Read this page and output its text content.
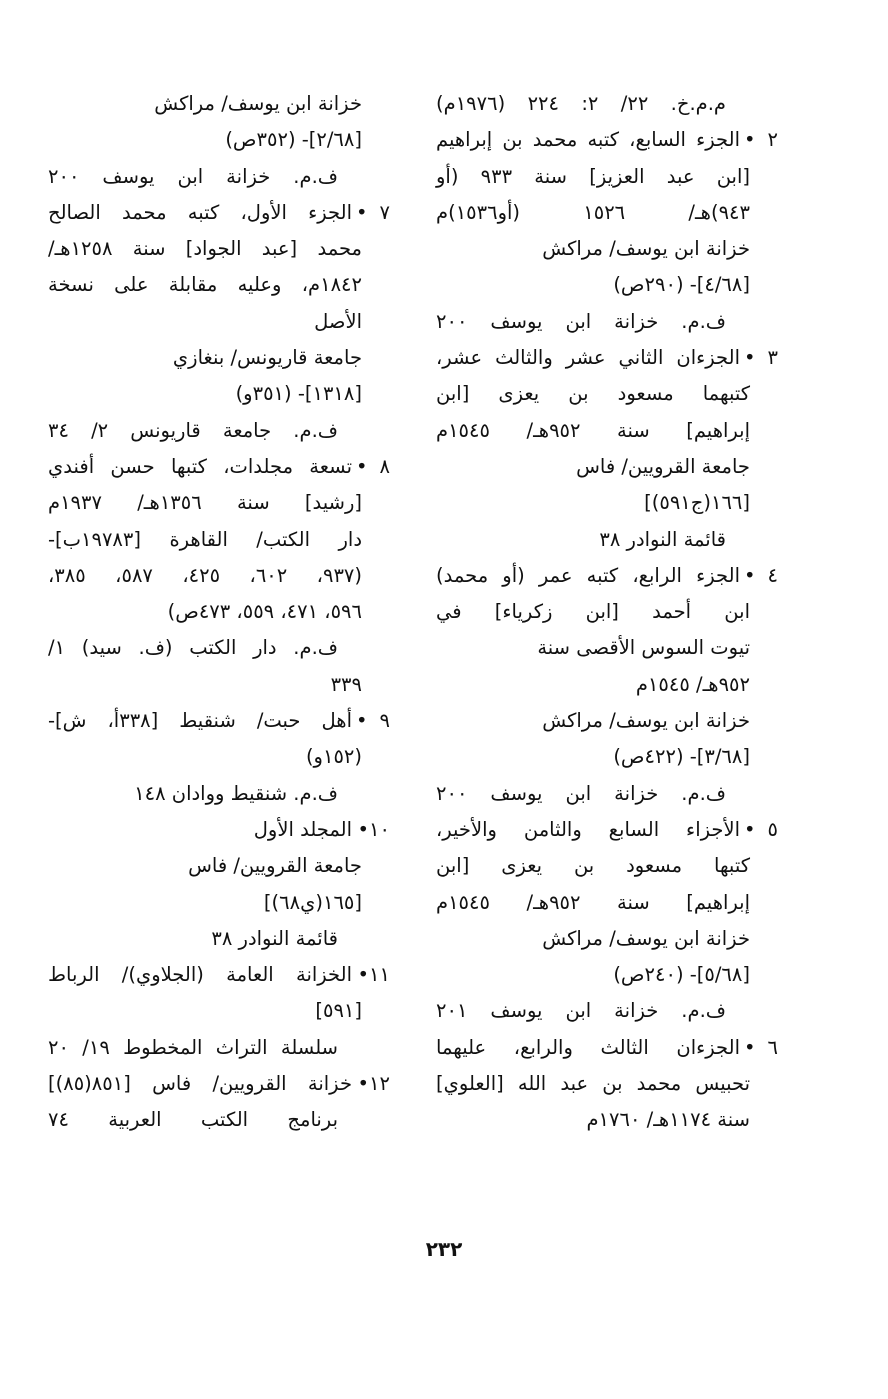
م.م.خ. ٢٢/ ٢: ٢٢٤ (١٩٧٦م)
٢ •
الجزء السابع، كتبه محمد بن إبراهيم
[ابن عبد العزيز] سنة ٩٣٣ (أو
٩٤٣)هـ/ ١٥٢٦ (أو١٥٣٦)م
خزانة ابن يوسف/ مراكش
[٤/٦٨]- (٢٩٠ص)
ف.م. خزانة ابن يوسف ٢٠٠
٣ •
الجزءان الثاني عشر والثالث عشر،
كتبهما مسعود بن يعزى [ابن
إبراهيم] سنة ٩٥٢هـ/ ١٥٤٥م
جامعة القرويين/ فاس
[١٦٦(ج٥٩١)]
قائمة النوادر ٣٨
٤ •
الجزء الرابع، كتبه عمر (أو محمد)
ابن أحمد [ابن زكرياء] في
تيوت السوس الأقصى سنة
٩٥٢هـ/ ١٥٤٥م
خزانة ابن يوسف/ مراكش
[٣/٦٨]- (٤٢٢ص)
ف.م. خزانة ابن يوسف ٢٠٠
٥ •
الأجزاء السابع والثامن والأخير،
كتبها مسعود بن يعزى [ابن
إبراهيم] سنة ٩٥٢هـ/ ١٥٤٥م
خزانة ابن يوسف/ مراكش
[٥/٦٨]- (٢٤٠ص)
ف.م. خزانة ابن يوسف ٢٠١
٦ •
الجزءان الثالث والرابع، عليهما
تحبيس محمد بن عبد الله [العلوي]
سنة ١١٧٤هـ/ ١٧٦٠م
خزانة ابن يوسف/ مراكش
[٢/٦٨]- (٣٥٢ص)
ف.م. خزانة ابن يوسف ٢٠٠
٧ •
الجزء الأول، كتبه محمد الصالح
محمد [عبد الجواد] سنة ١٢٥٨هـ/
١٨٤٢م، وعليه مقابلة على نسخة
الأصل
جامعة قاريونس/ بنغازي
[١٣١٨]- (٣٥١و)
ف.م. جامعة قاريونس ٢/ ٣٤
٨ •
تسعة مجلدات، كتبها حسن أفندي
[رشيد] سنة ١٣٥٦هـ/ ١٩٣٧م
دار الكتب/ القاهرة [١٩٧٨٣ب]-
(٩٣٧، ٦٠٢، ٤٢٥، ٥٨٧، ٣٨٥،
٥٩٦، ٤٧١، ٥٥٩، ٤٧٣ص)
ف.م. دار الكتب (ف. سيد) ١/
٣٣٩
٩ •
أهل حبت/ شنقيط [٣٣٨أ، ش]-
(١٥٢و)
ف.م. شنقيط ووادان ١٤٨
١٠•
المجلد الأول
جامعة القرويين/ فاس
[١٦٥(ي٦٨)]
قائمة النوادر ٣٨
١١•
الخزانة العامة (الجلاوي)/ الرباط
[٥٩١]
سلسلة التراث المخطوط ١٩/ ٢٠
١٢•
خزانة القرويين/ فاس [٨٥١(٨٥)]
برنامج الكتب العربية ٧٤
٢٣٢
